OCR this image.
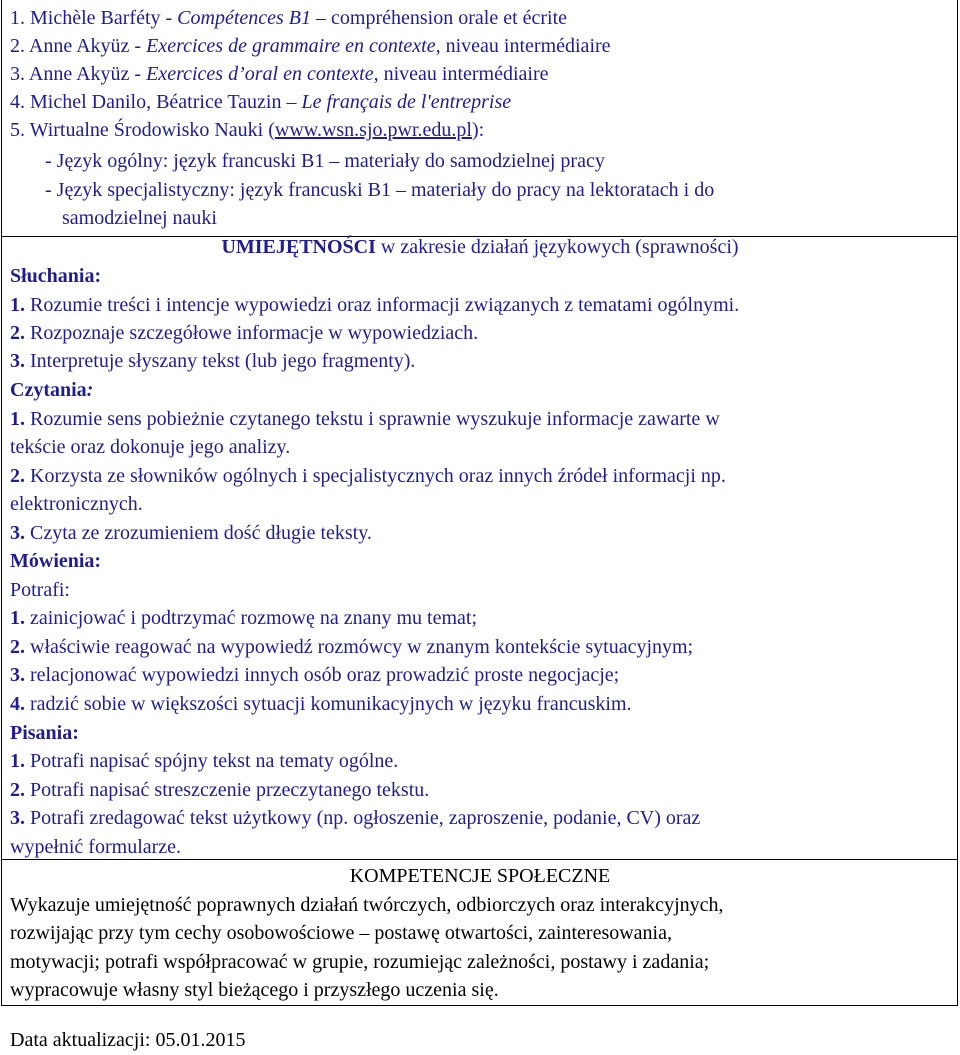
1. Michèle Barféty - Compétences B1 – compréhension orale et écrite
2. Anne Akyüz - Exercices de grammaire en contexte, niveau intermédiaire
3. Anne Akyüz - Exercices d’oral en contexte, niveau intermédiaire
4. Michel Danilo, Béatrice Tauzin – Le français de l'entreprise
5. Wirtualne Środowisko Nauki (www.wsn.sjo.pwr.edu.pl):
- Język ogólny: język francuski B1 – materiały do samodzielnej pracy
- Język specjalistyczny: język francuski B1 – materiały do pracy na lektoratach i do
samodzielnej nauki
UMIEJĘTNOŚCI w zakresie działań językowych (sprawności)
Słuchania:
1. Rozumie treści i intencje wypowiedzi oraz informacji związanych z tematami ogólnymi.
2. Rozpoznaje szczegółowe informacje w wypowiedziach.
3. Interpretuje słyszany tekst (lub jego fragmenty).
Czytania:
1. Rozumie sens pobieżnie czytanego tekstu i sprawnie wyszukuje informacje zawarte w
tekście oraz dokonuje jego analizy.
2. Korzysta ze słowników ogólnych i specjalistycznych oraz innych źródeł informacji np.
elektronicznych.
3. Czyta ze zrozumieniem dość długie teksty.
Mówienia:
Potrafi:
1. zainicjować i podtrzymać rozmowę na znany mu temat;
2. właściwie reagować na wypowiedź rozmówcy w znanym kontekście sytuacyjnym;
3. relacjonować wypowiedzi innych osób oraz prowadzić proste negocjacje;
4. radzić sobie w większości sytuacji komunikacyjnych w języku francuskim.
Pisania:
1. Potrafi napisać spójny tekst na tematy ogólne.
2. Potrafi napisać streszczenie przeczytanego tekstu.
3. Potrafi zredagować tekst użytkowy (np. ogłoszenie, zaproszenie, podanie, CV) oraz
wypełnić formularze.
KOMPETENCJE SPOŁECZNE
Wykazuje umiejętność poprawnych działań twórczych, odbiorczych oraz interakcyjnych,
rozwijając przy tym cechy osobowościowe – postawę otwartości, zainteresowania,
motywacji; potrafi współpracować w grupie, rozumiejąc zależności, postawy i zadania;
wypracowuje własny styl bieżącego i przyszłego uczenia się.
Data aktualizacji: 05.01.2015
